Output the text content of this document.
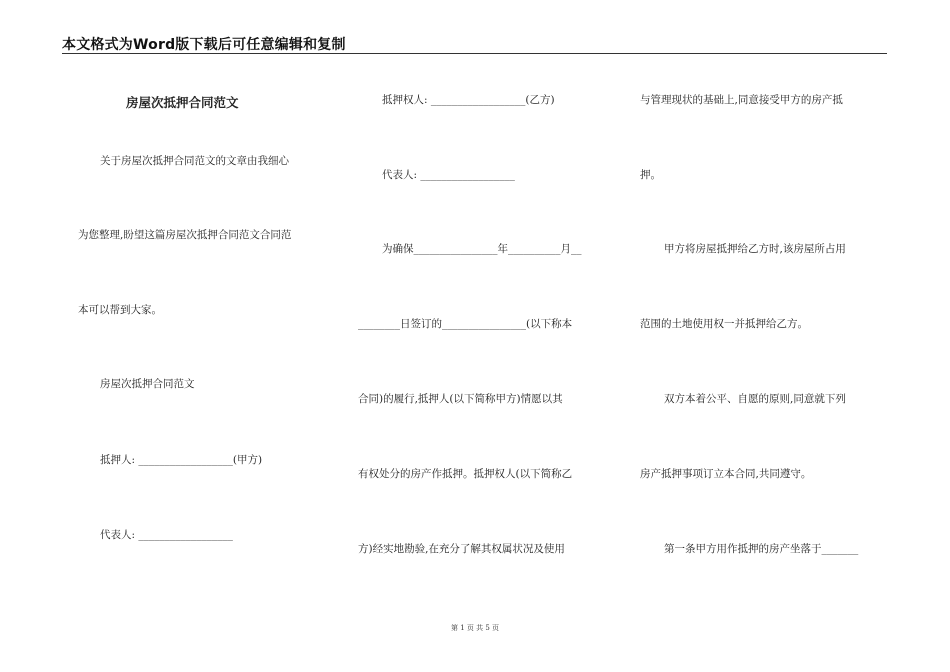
本文格式为Word版下载后可任意编辑和复制
房屋次抵押合同范文
关于房屋次抵押合同范文的文章由我细心
为您整理,盼望这篇房屋次抵押合同范文合同范
本可以帮到大家。
房屋次抵押合同范文
抵押人: __________________(甲方)
代表人: __________________
抵押权人: __________________(乙方)
代表人: __________________
为确保________________年__________月__
________日签订的________________(以下称本
合同)的履行,抵押人(以下简称甲方)情愿以其
有权处分的房产作抵押。抵押权人(以下简称乙
方)经实地勘验,在充分了解其权属状况及使用
与管理现状的基础上,同意接受甲方的房产抵
押。
甲方将房屋抵押给乙方时,该房屋所占用
范围的土地使用权一并抵押给乙方。
双方本着公平、自愿的原则,同意就下列
房产抵押事项订立本合同,共同遵守。
第一条甲方用作抵押的房产坐落于_______
第 1 页 共 5 页
